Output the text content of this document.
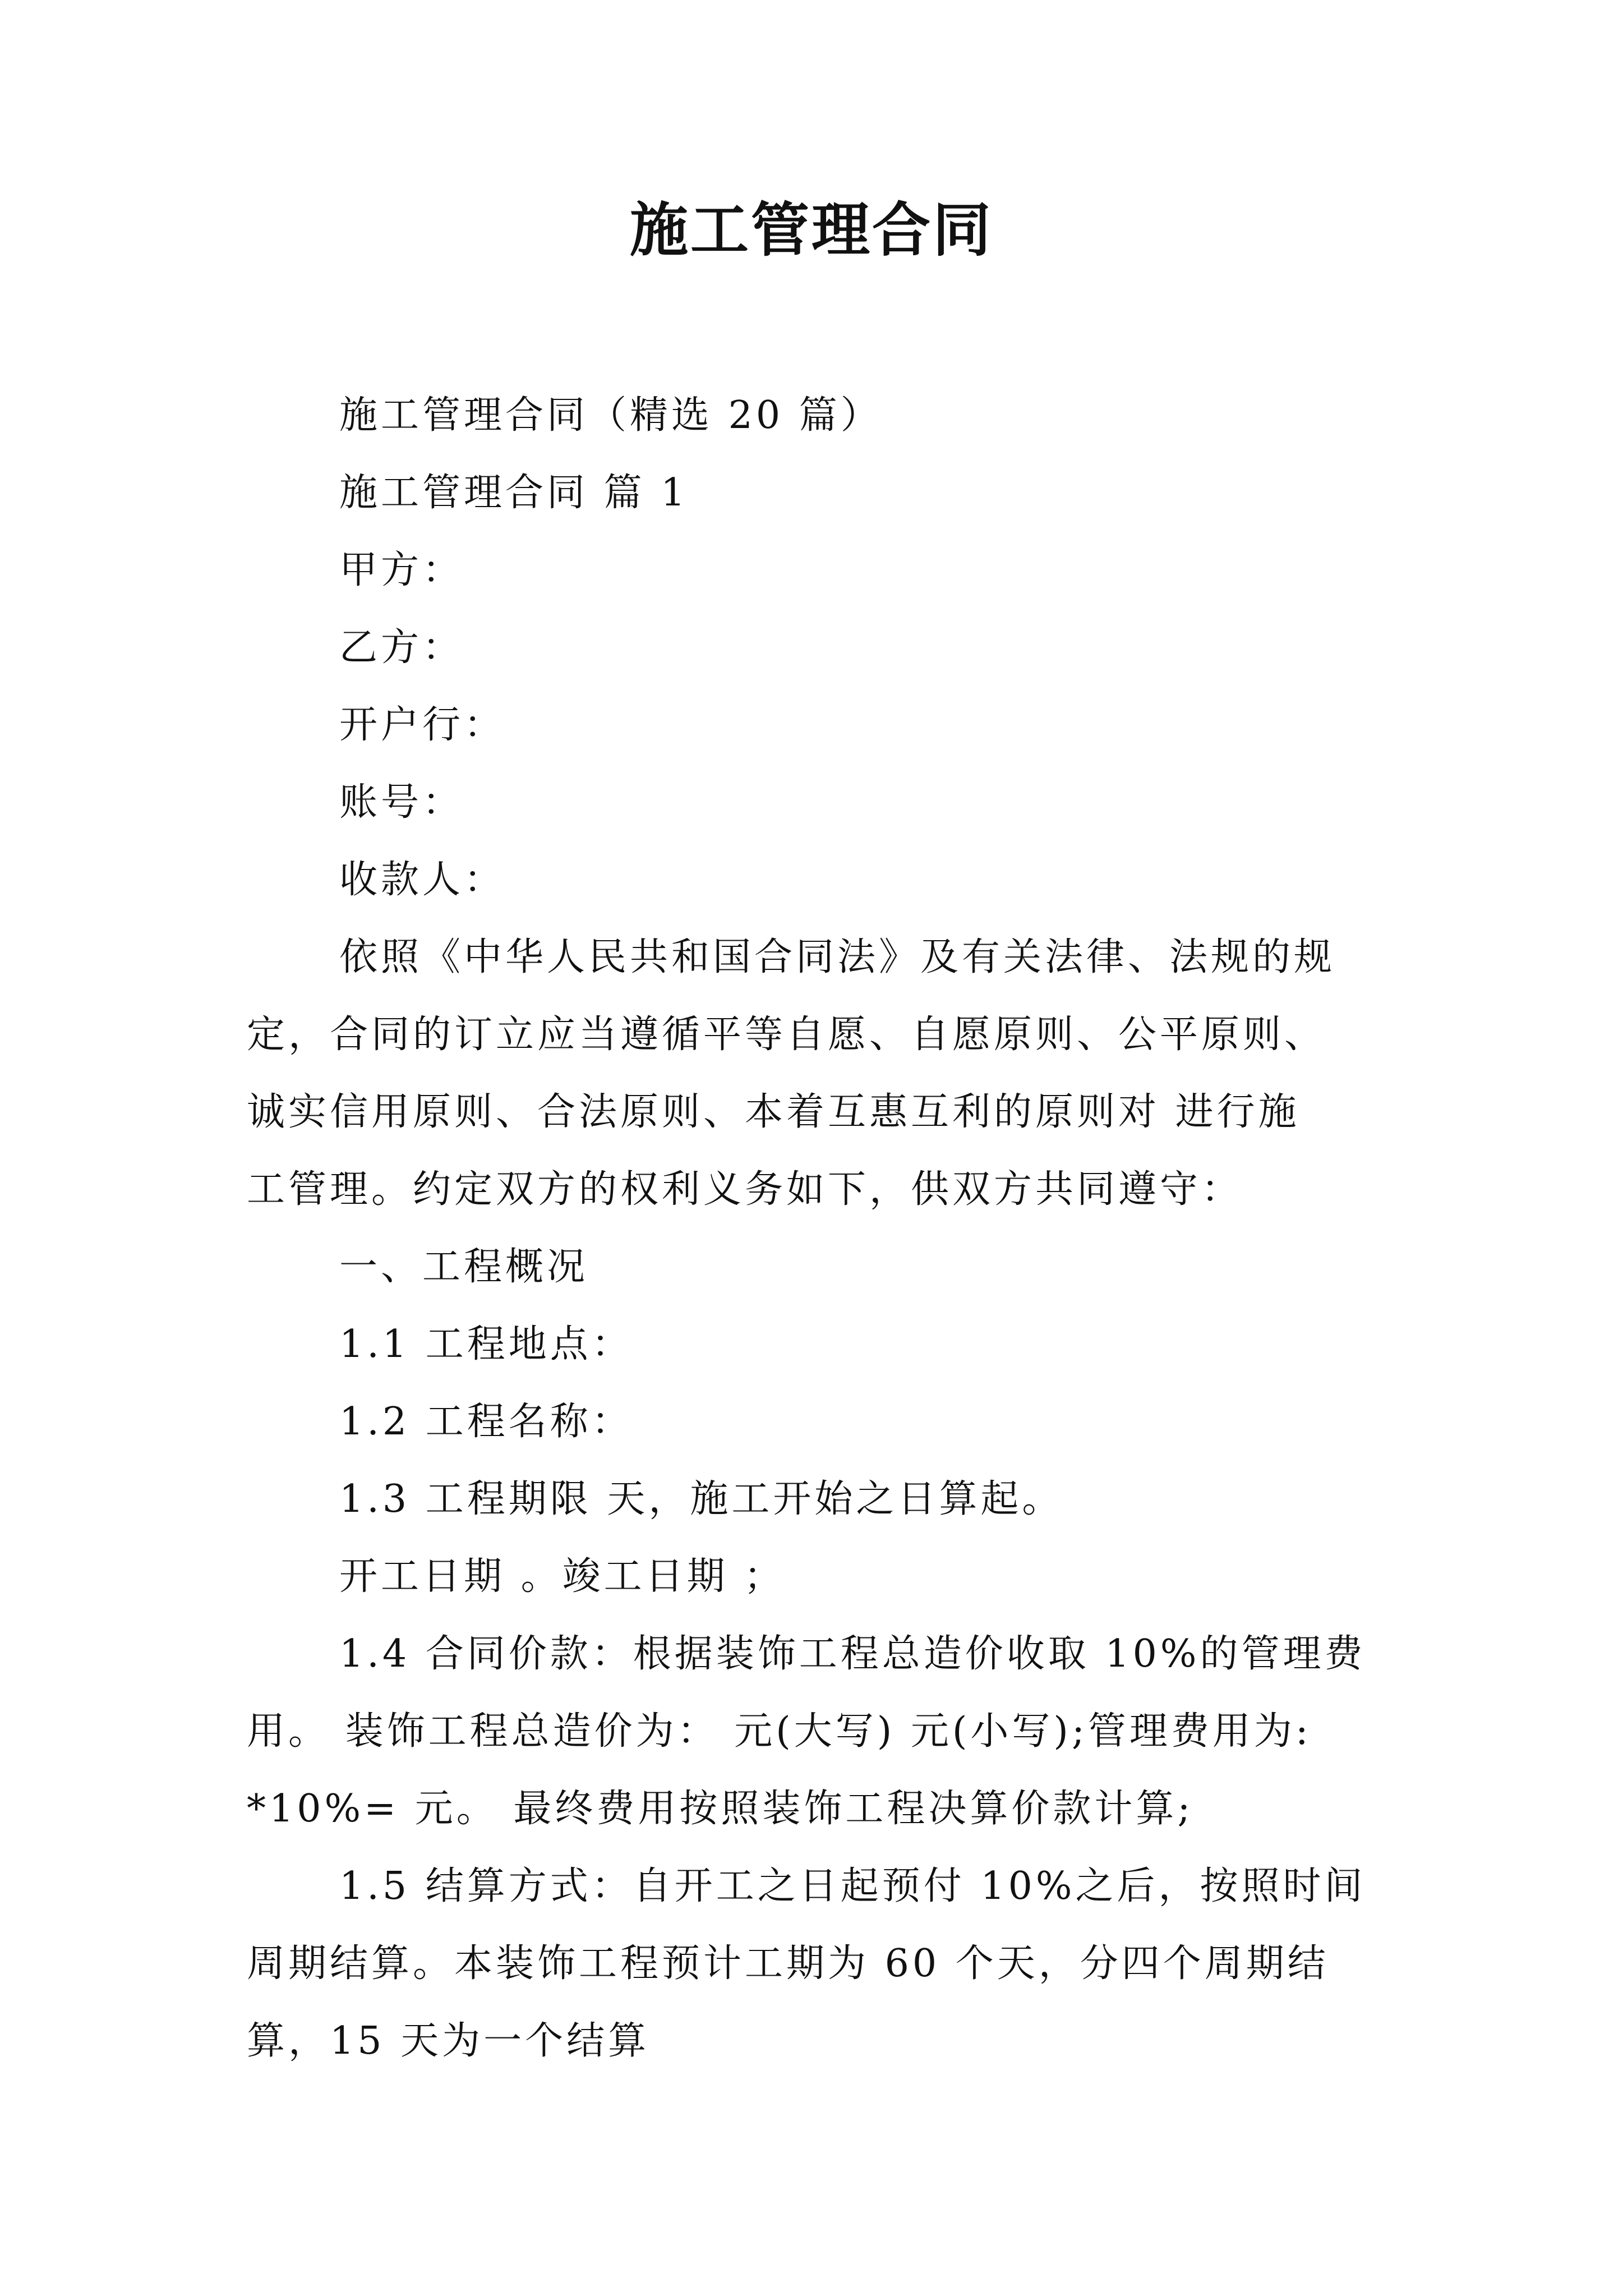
施工管理合同

施工管理合同（精选 20 篇）

施工管理合同 篇 1

甲方：

乙方：

开户行：

账号：

收款人：

依照《中华人民共和国合同法》及有关法律、法规的规

定，合同的订立应当遵循平等自愿、自愿原则、公平原则、

诚实信用原则、合法原则、本着互惠互利的原则对 进行施

工管理。约定双方的权利义务如下，供双方共同遵守：

一、工程概况

1.1 工程地点：

1.2 工程名称：

1.3 工程期限 天，施工开始之日算起。

开工日期 。竣工日期 ；

1.4 合同价款：根据装饰工程总造价收取 10%的管理费

用。 装饰工程总造价为： 元(大写) 元(小写);管理费用为:

*10%= 元。 最终费用按照装饰工程决算价款计算;

1.5 结算方式：自开工之日起预付 10%之后，按照时间

周期结算。本装饰工程预计工期为 60 个天，分四个周期结

算，15 天为一个结算
